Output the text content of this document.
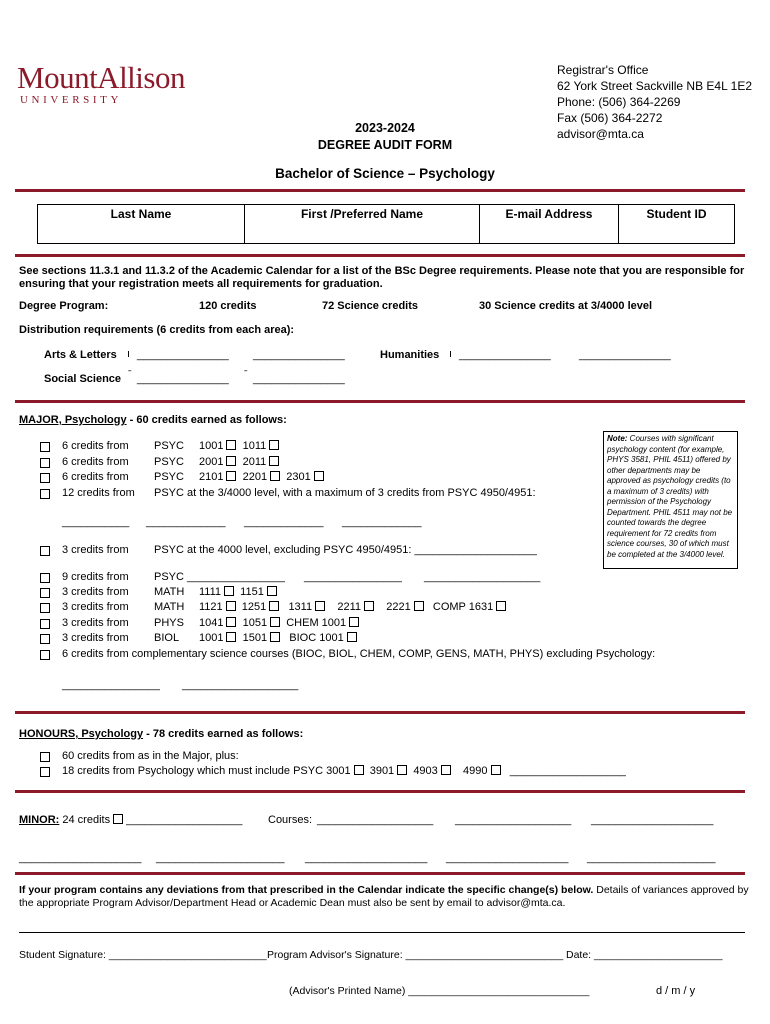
MountAllison
UNIVERSITY
Registrar's Office
62 York Street Sackville NB E4L 1E2
Phone: (506) 364-2269
Fax (506) 364-2272
advisor@mta.ca
2023-2024
DEGREE AUDIT FORM
Bachelor of Science – Psychology
Last Name	First /Preferred Name	E-mail Address	Student ID
See sections 11.3.1 and 11.3.2 of the Academic Calendar for a list of the BSc Degree requirements. Please note that you are responsible for ensuring that your registration meets all requirements for graduation.
Degree Program:	120 credits	72 Science credits	30 Science credits at 3/4000 level
Distribution requirements (6 credits from each area):
Arts & Letters ı _______________ _______________	Humanities ı _______________	_______________
Social Science ˉ _______________ ˉ _______________
MAJOR, Psychology - 60 credits earned as follows:
6 credits from PSYC 1001 1011
6 credits from PSYC 2001 2011
6 credits from PSYC 2101 2201 2301
12 credits from PSYC at the 3/4000 level, with a maximum of 3 credits from PSYC 4950/4951:
___________ _____________ _____________ _____________
3 credits from PSYC at the 4000 level, excluding PSYC 4950/4951: ____________________
9 credits from PSYC ________________ ________________ ___________________
3 credits from MATH 1111 1151
3 credits from MATH 1121 1251 1311 2211 2221 COMP 1631
3 credits from PHYS 1041 1051 CHEM 1001
3 credits from BIOL 1001 1501 BIOC 1001
6 credits from complementary science courses (BIOC, BIOL, CHEM, COMP, GENS, MATH, PHYS) excluding Psychology:
________________ ___________________
Note: Courses with significant psychology content (for example, PHYS 3581, PHIL 4511) offered by other departments may be approved as psychology credits (to a maximum of 3 credits) with permission of the Psychology Department. PHIL 4511 may not be counted towards the degree requirement for 72 credits from science courses, 30 of which must be completed at the 3/4000 level.
HONOURS, Psychology - 78 credits earned as follows:
60 credits from as in the Major, plus:
18 credits from Psychology which must include PSYC 3001 3901 4903 4990 ___________________
MINOR: 24 credits ___________________ Courses: ___________________ ___________________ ____________________
____________________ _____________________ ____________________ ____________________ _____________________
If your program contains any deviations from that prescribed in the Calendar indicate the specific change(s) below. Details of variances approved by the appropriate Program Advisor/Department Head or Academic Dean must also be sent by email to advisor@mta.ca.
Student Signature: ___________________________ Program Advisor's Signature: ___________________________ Date: ______________________
(Advisor's Printed Name) _______________________________	d / m / y
